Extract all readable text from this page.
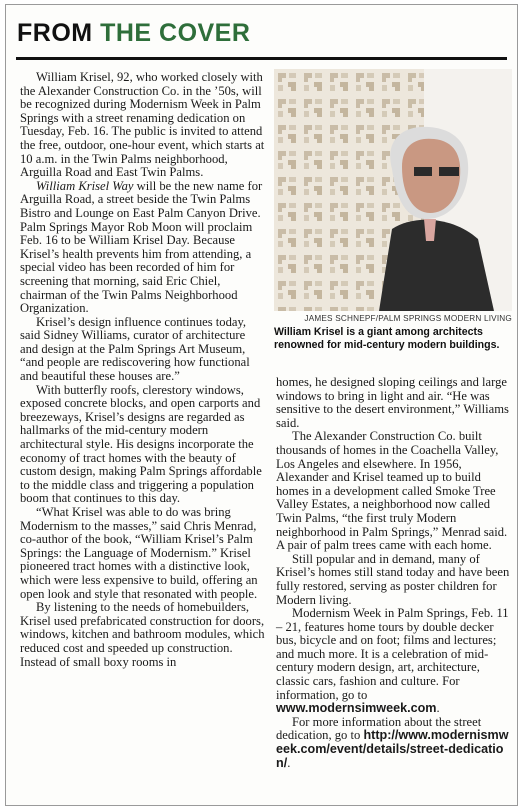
FROM THE COVER

William Krisel, 92, who worked closely with the Alexander Construction Co. in the ’50s, will be recognized during Modernism Week in Palm Springs with a street renaming dedication on Tuesday, Feb. 16. The public is invited to attend the free, outdoor, one-hour event, which starts at 10 a.m. in the Twin Palms neighborhood, Arguilla Road and East Twin Palms.

William Krisel Way will be the new name for Arguilla Road, a street beside the Twin Palms Bistro and Lounge on East Palm Canyon Drive. Palm Springs Mayor Rob Moon will proclaim Feb. 16 to be William Krisel Day. Because Krisel’s health prevents him from attending, a special video has been recorded of him for screening that morning, said Eric Chiel, chairman of the Twin Palms Neighborhood Organization.

Krisel’s design influence continues today, said Sidney Williams, curator of architecture and design at the Palm Springs Art Museum, “and people are rediscovering how functional and beautiful these houses are.”

With butterfly roofs, clerestory windows, exposed concrete blocks, and open carports and breezeways, Krisel’s designs are regarded as hallmarks of the mid-century modern architectural style. His designs incorporate the economy of tract homes with the beauty of custom design, making Palm Springs affordable to the middle class and triggering a population boom that continues to this day.

“What Krisel was able to do was bring Modernism to the masses,” said Chris Menrad, co-author of the book, “William Krisel’s Palm Springs: the Language of Modernism.” Krisel pioneered tract homes with a distinctive look, which were less expensive to build, offering an open look and style that resonated with people.

By listening to the needs of homebuilders, Krisel used prefabricated construction for doors, windows, kitchen and bathroom modules, which reduced cost and speeded up construction. Instead of small boxy rooms in

JAMES SCHNEPF/PALM SPRINGS MODERN LIVING
William Krisel is a giant among architects renowned for mid-century modern buildings.

homes, he designed sloping ceilings and large windows to bring in light and air. “He was sensitive to the desert environment,” Williams said.

The Alexander Construction Co. built thousands of homes in the Coachella Valley, Los Angeles and elsewhere. In 1956, Alexander and Krisel teamed up to build homes in a development called Smoke Tree Valley Estates, a neighborhood now called Twin Palms, “the first truly Modern neighborhood in Palm Springs,” Menrad said. A pair of palm trees came with each home.

Still popular and in demand, many of Krisel’s homes still stand today and have been fully restored, serving as poster children for Modern living.

Modernism Week in Palm Springs, Feb. 11 – 21, features home tours by double decker bus, bicycle and on foot; films and lectures; and much more. It is a celebration of mid-century modern design, art, architecture, classic cars, fashion and culture. For information, go to www.modernsimweek.com.

For more information about the street dedication, go to http://www.modernismweek.com/event/details/street-dedication/.
